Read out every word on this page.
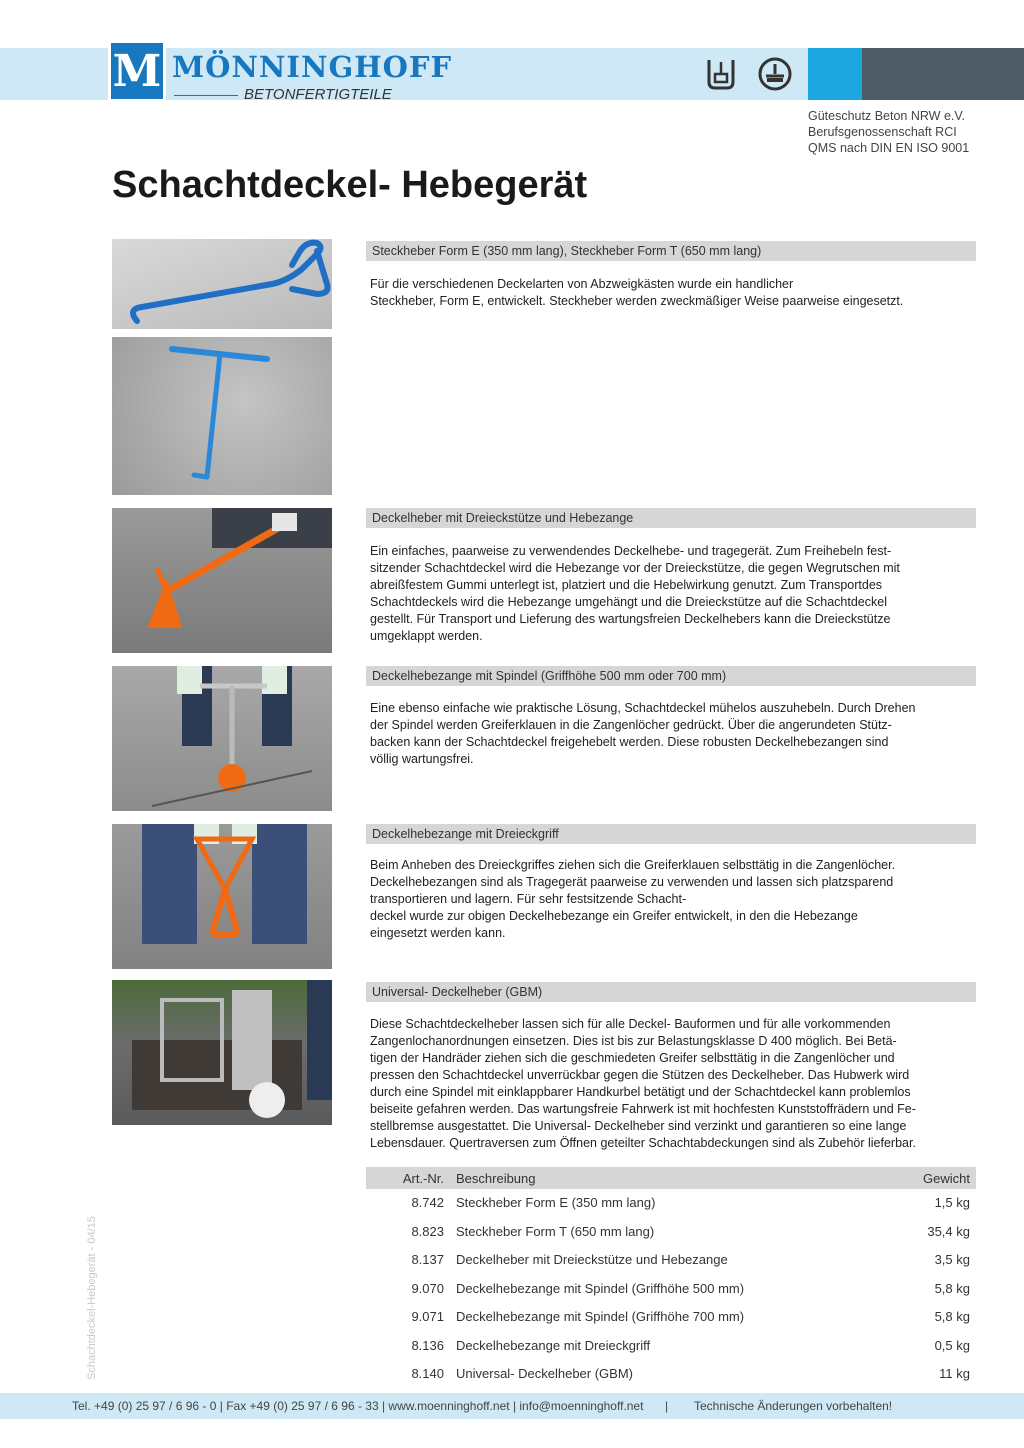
M MÖNNINGHOFF
BETONFERTIGTEILE
Güteschutz Beton NRW e.V.
Berufsgenossenschaft RCI
QMS nach DIN EN ISO 9001
Schachtdeckel- Hebegerät
Steckheber Form E (350 mm lang), Steckheber Form T (650 mm lang)
Für die verschiedenen Deckelarten von Abzweigkästen wurde ein handlicher
Steckheber, Form E, entwickelt. Steckheber werden zweckmäßiger Weise paarweise eingesetzt.
Deckelheber mit Dreieckstütze und Hebezange
Ein einfaches, paarweise zu verwendendes Deckelhebe- und tragegerät. Zum Freihebeln fest-
sitzender Schachtdeckel wird die Hebezange vor der Dreieckstütze, die gegen Wegrutschen mit
abreißfestem Gummi unterlegt ist, platziert und die Hebelwirkung genutzt. Zum Transportdes
Schachtdeckels wird die Hebezange umgehängt und die Dreieckstütze auf die Schachtdeckel
gestellt. Für Transport und Lieferung des wartungsfreien Deckelhebers kann die Dreieckstütze
umgeklappt werden.
Deckelhebezange mit Spindel (Griffhöhe 500 mm oder 700 mm)
Eine ebenso einfache wie praktische Lösung, Schachtdeckel mühelos auszuhebeln. Durch Drehen
der Spindel werden Greiferklauen in die Zangenlöcher gedrückt. Über die angerundeten Stütz-
backen kann der Schachtdeckel freigehebelt werden. Diese robusten Deckelhebezangen sind
völlig wartungsfrei.
Deckelhebezange mit Dreieckgriff
Beim Anheben des Dreieckgriffes ziehen sich die Greiferklauen selbsttätig in die Zangenlöcher.
Deckelhebezangen sind als Tragegerät paarweise zu verwenden und lassen sich platzsparend
transportieren und lagern. Für sehr festsitzende Schacht-
deckel wurde zur obigen Deckelhebezange ein Greifer entwickelt, in den die Hebezange
eingesetzt werden kann.
Universal- Deckelheber (GBM)
Diese Schachtdeckelheber lassen sich für alle Deckel- Bauformen und für alle vorkommenden
Zangenlochanordnungen einsetzen. Dies ist bis zur Belastungsklasse D 400 möglich. Bei Betä-
tigen der Handräder ziehen sich die geschmiedeten Greifer selbsttätig in die Zangenlöcher und
pressen den Schachtdeckel unverrückbar gegen die Stützen des Deckelheber. Das Hubwerk wird
durch eine Spindel mit einklappbarer Handkurbel betätigt und der Schachtdeckel kann problemlos
beiseite gefahren werden. Das wartungsfreie Fahrwerk ist mit hochfesten Kunststoffrädern und Fe-
stellbremse ausgestattet. Die Universal- Deckelheber sind verzinkt und garantieren so eine lange
Lebensdauer. Quertraversen zum Öffnen geteilter Schachtabdeckungen sind als Zubehör lieferbar.
Art.-Nr.	Beschreibung	Gewicht
8.742	Steckheber Form E (350 mm lang)	1,5 kg
8.823	Steckheber Form T (650 mm lang)	35,4 kg
8.137	Deckelheber mit Dreieckstütze und Hebezange	3,5 kg
9.070	Deckelhebezange mit Spindel (Griffhöhe 500 mm)	5,8 kg
9.071	Deckelhebezange mit Spindel (Griffhöhe 700 mm)	5,8 kg
8.136	Deckelhebezange mit Dreieckgriff	0,5 kg
8.140	Universal- Deckelheber (GBM)	11 kg
Schachtdeckel-Hebegerät - 04/15
Tel. +49 (0) 25 97 / 6 96 - 0 | Fax +49 (0) 25 97 / 6 96 - 33 | www.moenninghoff.net | info@moenninghoff.net | Technische Änderungen vorbehalten!
